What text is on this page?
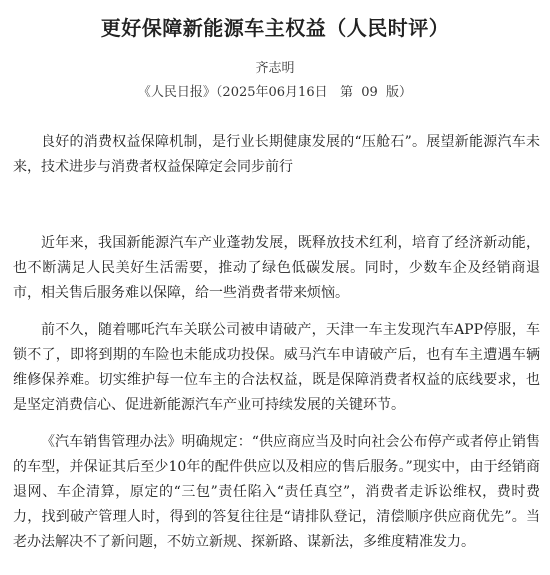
更好保障新能源车主权益（人民时评）
齐志明
《人民日报》（2025年06月16日   第  09  版）

良好的消费权益保障机制，是行业长期健康发展的“压舱石”。展望新能源汽车未来，技术进步与消费者权益保障定会同步前行

近年来，我国新能源汽车产业蓬勃发展，既释放技术红利，培育了经济新动能，也不断满足人民美好生活需要，推动了绿色低碳发展。同时，少数车企及经销商退市，相关售后服务难以保障，给一些消费者带来烦恼。

前不久，随着哪吒汽车关联公司被申请破产，天津一车主发现汽车APP停服，车锁不了，即将到期的车险也未能成功投保。威马汽车申请破产后，也有车主遭遇车辆维修保养难。切实维护每一位车主的合法权益，既是保障消费者权益的底线要求，也是坚定消费信心、促进新能源汽车产业可持续发展的关键环节。

《汽车销售管理办法》明确规定：“供应商应当及时向社会公布停产或者停止销售的车型，并保证其后至少10年的配件供应以及相应的售后服务。”现实中，由于经销商退网、车企清算，原定的“三包”责任陷入“责任真空”，消费者走诉讼维权，费时费力，找到破产管理人时，得到的答复往往是“请排队登记，清偿顺序供应商优先”。当老办法解决不了新问题，不妨立新规、探新路、谋新法，多维度精准发力。
